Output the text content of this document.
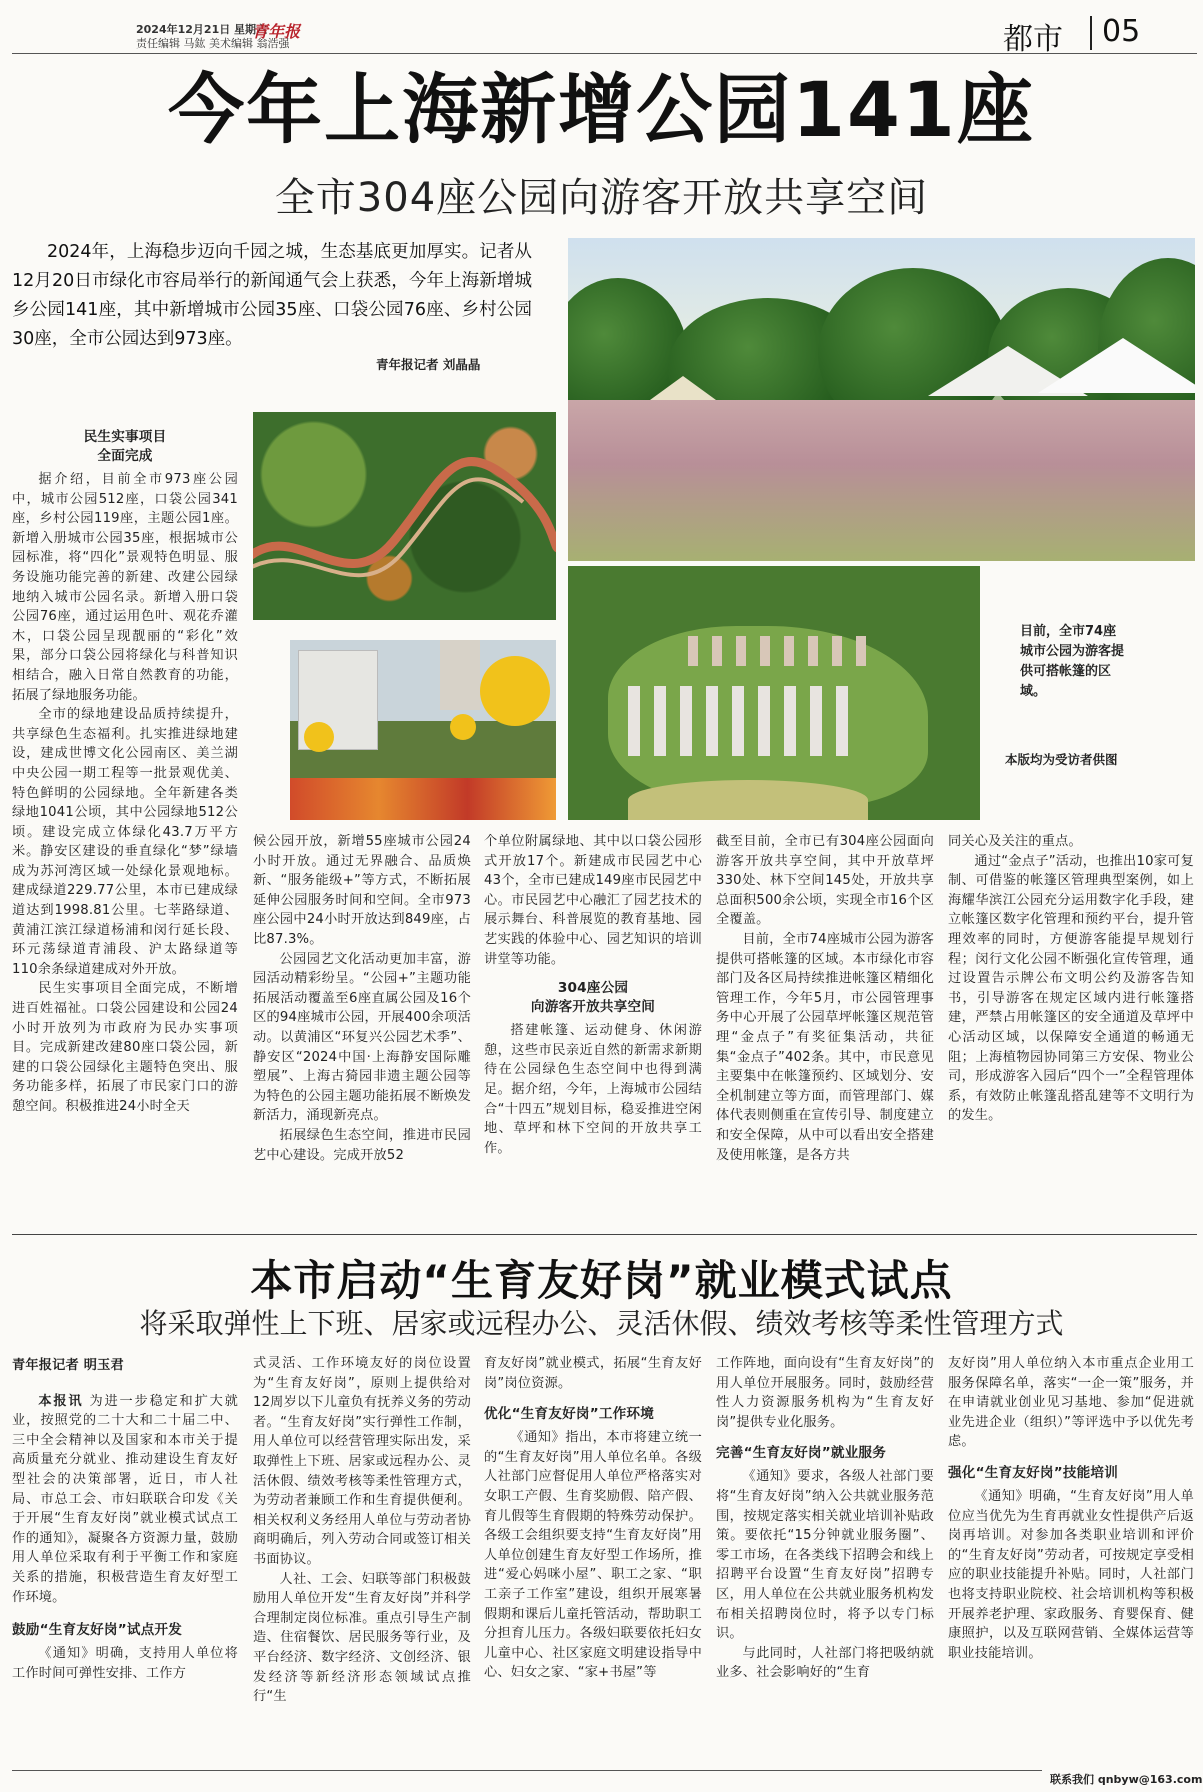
2024年12月21日 星期六
责任编辑 马鈜 美术编辑 翁浩强
青年报	都市 05
今年上海新增公园141座
全市304座公园向游客开放共享空间

2024年，上海稳步迈向千园之城，生态基底更加厚实。记者从12月20日市绿化市容局举行的新闻通气会上获悉，今年上海新增城乡公园141座，其中新增城市公园35座、口袋公园76座、乡村公园30座，全市公园达到973座。

青年报记者 刘晶晶
目前，全市74座城市公园为游客提供可搭帐篷的区域。
本版均为受访者供图
民生实事项目
全面完成

据介绍，目前全市973座公园中，城市公园512座，口袋公园341座，乡村公园119座，主题公园1座。新增入册城市公园35座，根据城市公园标准，将“四化”景观特色明显、服务设施功能完善的新建、改建公园绿地纳入城市公园名录。新增入册口袋公园76座，通过运用色叶、观花乔灌木，口袋公园呈现靓丽的“彩化”效果，部分口袋公园将绿化与科普知识相结合，融入日常自然教育的功能，拓展了绿地服务功能。

全市的绿地建设品质持续提升，共享绿色生态福利。扎实推进绿地建设，建成世博文化公园南区、美兰湖中央公园一期工程等一批景观优美、特色鲜明的公园绿地。全年新建各类绿地1041公顷，其中公园绿地512公顷。建设完成立体绿化43.7万平方米。静安区建设的垂直绿化“梦”绿墙成为苏河湾区域一处绿化景观地标。建成绿道229.77公里，本市已建成绿道达到1998.81公里。七莘路绿道、黄浦江滨江绿道杨浦和闵行延长段、环元荡绿道青浦段、沪太路绿道等110余条绿道建成对外开放。

民生实事项目全面完成，不断增进百姓福祉。口袋公园建设和公园24小时开放列为市政府为民办实事项目。完成新建改建80座口袋公园，新建的口袋公园绿化主题特色突出、服务功能多样，拓展了市民家门口的游憩空间。积极推进24小时全天

候公园开放，新增55座城市公园24小时开放。通过无界融合、品质焕新、“服务能级+”等方式，不断拓展延伸公园服务时间和空间。全市973座公园中24小时开放达到849座，占比87.3%。

公园园艺文化活动更加丰富，游园活动精彩纷呈。“公园+”主题功能拓展活动覆盖至6座直属公园及16个区的94座城市公园，开展400余项活动。以黄浦区“环复兴公园艺术季”、静安区“2024中国·上海静安国际雕塑展”、上海古猗园非遗主题公园等为特色的公园主题功能拓展不断焕发新活力，涌现新亮点。

拓展绿色生态空间，推进市民园艺中心建设。完成开放52

个单位附属绿地、其中以口袋公园形式开放17个。新建成市民园艺中心43个，全市已建成149座市民园艺中心。市民园艺中心融汇了园艺技术的展示舞台、科普展览的教育基地、园艺实践的体验中心、园艺知识的培训讲堂等功能。

304座公园
向游客开放共享空间

搭建帐篷、运动健身、休闲游憩，这些市民亲近自然的新需求新期待在公园绿色生态空间中也得到满足。据介绍，今年，上海城市公园结合“十四五”规划目标，稳妥推进空闲地、草坪和林下空间的开放共享工作。

截至目前，全市已有304座公园面向游客开放共享空间，其中开放草坪330处、林下空间145处，开放共享总面积500余公顷，实现全市16个区全覆盖。

目前，全市74座城市公园为游客提供可搭帐篷的区域。本市绿化市容部门及各区局持续推进帐篷区精细化管理工作，今年5月，市公园管理事务中心开展了公园草坪帐篷区规范管理“金点子”有奖征集活动，共征集“金点子”402条。其中，市民意见主要集中在帐篷预约、区域划分、安全机制建立等方面，而管理部门、媒体代表则侧重在宣传引导、制度建立和安全保障，从中可以看出安全搭建及使用帐篷，是各方共

同关心及关注的重点。

通过“金点子”活动，也推出10家可复制、可借鉴的帐篷区管理典型案例，如上海耀华滨江公园充分运用数字化手段，建立帐篷区数字化管理和预约平台，提升管理效率的同时，方便游客能提早规划行程；闵行文化公园不断强化宣传管理，通过设置告示牌公布文明公约及游客告知书，引导游客在规定区域内进行帐篷搭建，严禁占用帐篷区的安全通道及草坪中心活动区域，以保障安全通道的畅通无阻；上海植物园协同第三方安保、物业公司，形成游客入园后“四个一”全程管理体系，有效防止帐篷乱搭乱建等不文明行为的发生。

本市启动“生育友好岗”就业模式试点
将采取弹性上下班、居家或远程办公、灵活休假、绩效考核等柔性管理方式
青年报记者 明玉君

本报讯 为进一步稳定和扩大就业，按照党的二十大和二十届二中、三中全会精神以及国家和本市关于提高质量充分就业、推动建设生育友好型社会的决策部署，近日，市人社局、市总工会、市妇联联合印发《关于开展“生育友好岗”就业模式试点工作的通知》，凝聚各方资源力量，鼓励用人单位采取有利于平衡工作和家庭关系的措施，积极营造生育友好型工作环境。

鼓励“生育友好岗”试点开发

《通知》明确，支持用人单位将工作时间可弹性安排、工作方

式灵活、工作环境友好的岗位设置为“生育友好岗”，原则上提供给对12周岁以下儿童负有抚养义务的劳动者。“生育友好岗”实行弹性工作制，用人单位可以经营管理实际出发，采取弹性上下班、居家或远程办公、灵活休假、绩效考核等柔性管理方式，为劳动者兼顾工作和生育提供便利。相关权利义务经用人单位与劳动者协商明确后，列入劳动合同或签订相关书面协议。

人社、工会、妇联等部门积极鼓励用人单位开发“生育友好岗”并科学合理制定岗位标准。重点引导生产制造、住宿餐饮、居民服务等行业，及平台经济、数字经济、文创经济、银发经济等新经济形态领域试点推行“生

育友好岗”就业模式，拓展“生育友好岗”岗位资源。

优化“生育友好岗”工作环境

《通知》指出，本市将建立统一的“生育友好岗”用人单位名单。各级人社部门应督促用人单位严格落实对女职工产假、生育奖励假、陪产假、育儿假等生育假期的特殊劳动保护。各级工会组织要支持“生育友好岗”用人单位创建生育友好型工作场所，推进“爱心妈咪小屋”、职工之家、“职工亲子工作室”建设，组织开展寒暑假期和课后儿童托管活动，帮助职工分担育儿压力。各级妇联要依托妇女儿童中心、社区家庭文明建设指导中心、妇女之家、“家+书屋”等

工作阵地，面向设有“生育友好岗”的用人单位开展服务。同时，鼓励经营性人力资源服务机构为“生育友好岗”提供专业化服务。

完善“生育友好岗”就业服务

《通知》要求，各级人社部门要将“生育友好岗”纳入公共就业服务范围，按规定落实相关就业培训补贴政策。要依托“15分钟就业服务圈”、零工市场，在各类线下招聘会和线上招聘平台设置“生育友好岗”招聘专区，用人单位在公共就业服务机构发布相关招聘岗位时，将予以专门标识。

与此同时，人社部门将把吸纳就业多、社会影响好的“生育

友好岗”用人单位纳入本市重点企业用工服务保障名单，落实“一企一策”服务，并在申请就业创业见习基地、参加“促进就业先进企业（组织）”等评选中予以优先考虑。

强化“生育友好岗”技能培训

《通知》明确，“生育友好岗”用人单位应当优先为生育再就业女性提供产后返岗再培训。对参加各类职业培训和评价的“生育友好岗”劳动者，可按规定享受相应的职业技能提升补贴。同时，人社部门也将支持职业院校、社会培训机构等积极开展养老护理、家政服务、育婴保育、健康照护，以及互联网营销、全媒体运营等职业技能培训。

联系我们 qnbyw@163.com
